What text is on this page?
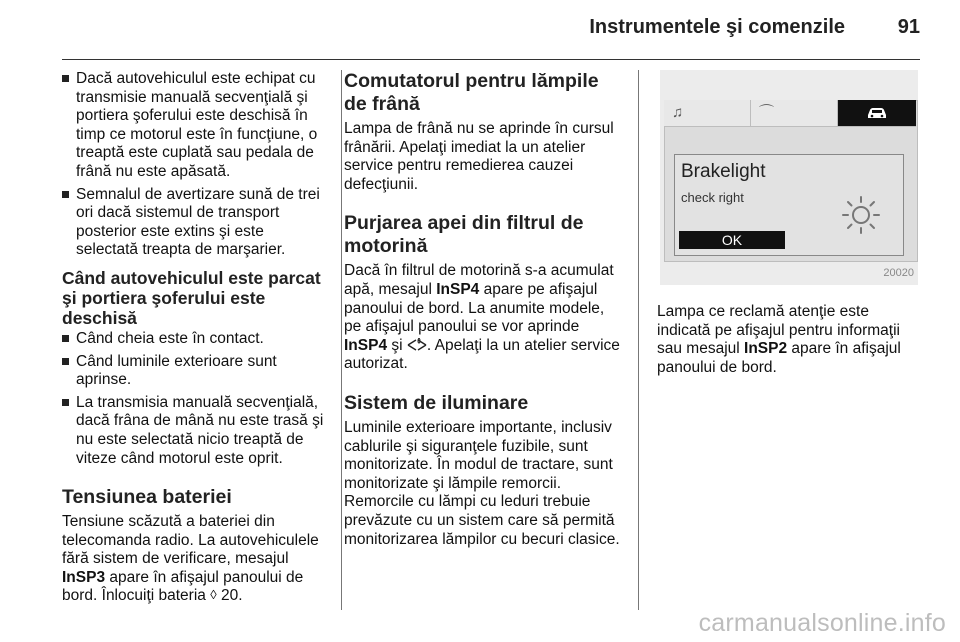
Instrumentele şi comenzile	91
Dacă autovehiculul este echipat cu transmisie manuală secvenţială şi portiera şoferului este deschisă în timp ce motorul este în funcţiune, o treaptă este cuplată sau pedala de frână nu este apăsată.
Semnalul de avertizare sună de trei ori dacă sistemul de transport posterior este extins şi este selectată treapta de marşarier.
Când autovehiculul este parcat şi portiera şoferului este deschisă
Când cheia este în contact.
Când luminile exterioare sunt aprinse.
La transmisia manuală secvenţială, dacă frâna de mână nu este trasă şi nu este selectată nicio treaptă de viteze când motorul este oprit.
Tensiunea bateriei

Tensiune scăzută a bateriei din telecomanda radio. La autovehiculele fără sistem de verificare, mesajul InSP3 apare în afişajul panoului de bord. Înlocuiţi bateria ◊ 20.

Comutatorul pentru lămpile de frână

Lampa de frână nu se aprinde în cursul frânării. Apelaţi imediat la un atelier service pentru remedierea cauzei defecţiunii.

Purjarea apei din filtrul de motorină

Dacă în filtrul de motorină s-a acumulat apă, mesajul InSP4 apare pe afişajul panoului de bord. La anumite modele, pe afişajul panoului se vor aprinde InSP4 şi . Apelaţi la un atelier service autorizat.

Sistem de iluminare

Luminile exterioare importante, inclusiv cablurile şi siguranţele fuzibile, sunt monitorizate. În modul de tractare, sunt monitorizate şi lămpile remorcii. Remorcile cu lămpi cu leduri trebuie prevăzute cu un sistem care să permită monitorizarea lămpilor cu becuri clasice.

♫	⌒
Brakelight
check right
OK
20020

Lampa ce reclamă atenţie este indicată pe afişajul pentru informaţii sau mesajul InSP2 apare în afişajul panoului de bord.

carmanualsonline.info
